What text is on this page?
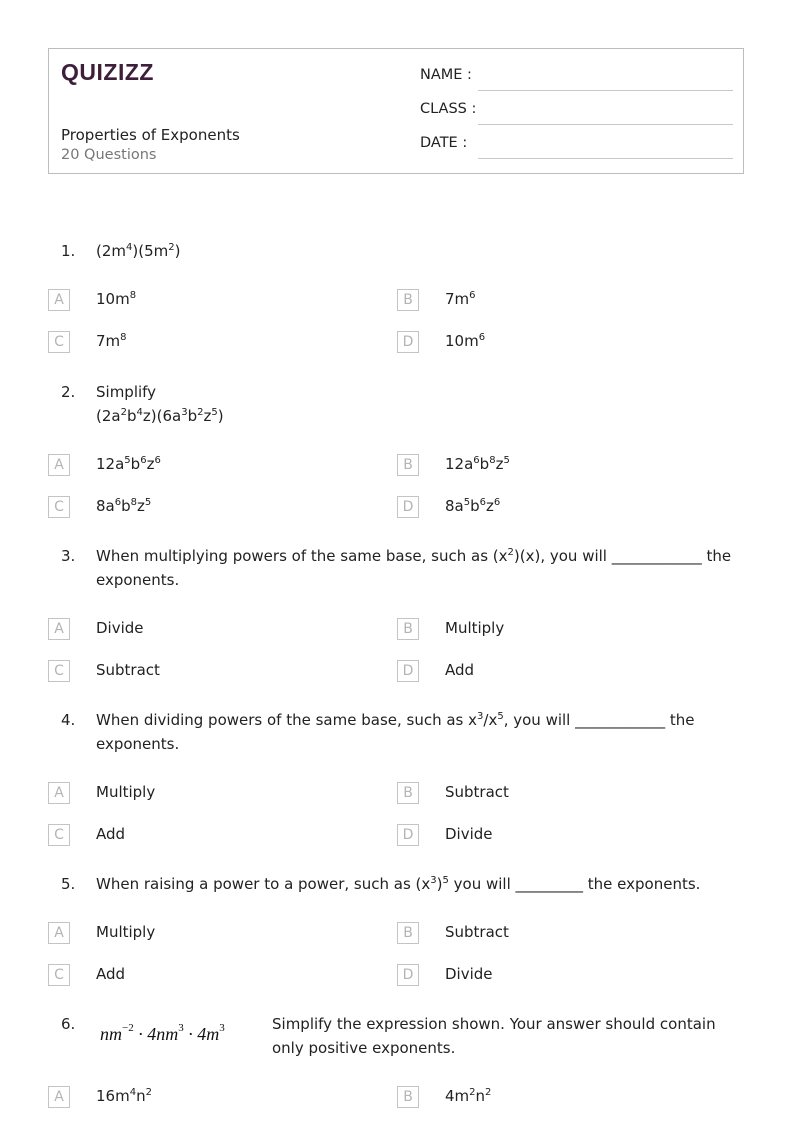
QUIZIZZ
Properties of Exponents
20 Questions
NAME :
CLASS :
DATE :
1. $(2m^4)(5m^2)$
A	$10m^8$	B	$7m^6$
C	$7m^8$	D	$10m^6$
2. Simplify
$(2a^2b^4z)(6a^3b^2z^5)$
A	$12a^5b^6z^6$	B	$12a^6b^8z^5$
C	$8a^6b^8z^5$	D	$8a^5b^6z^6$
3. When multiplying powers of the same base, such as $(x^2)(x)$, you will ____________ the exponents.
A	Divide	B	Multiply
C	Subtract	D	Add
4. When dividing powers of the same base, such as $x^3/x^5$, you will ____________ the exponents.
A	Multiply	B	Subtract
C	Add	D	Divide
5. When raising a power to a power, such as $(x^3)^5$ you will _________ the exponents.
A	Multiply	B	Subtract
C	Add	D	Divide
6. $nm^{-2} \cdot 4nm^3 \cdot 4m^3$	Simplify the expression shown. Your answer should contain only positive exponents.
A	$16m^4n^2$	B	$4m^2n^2$
